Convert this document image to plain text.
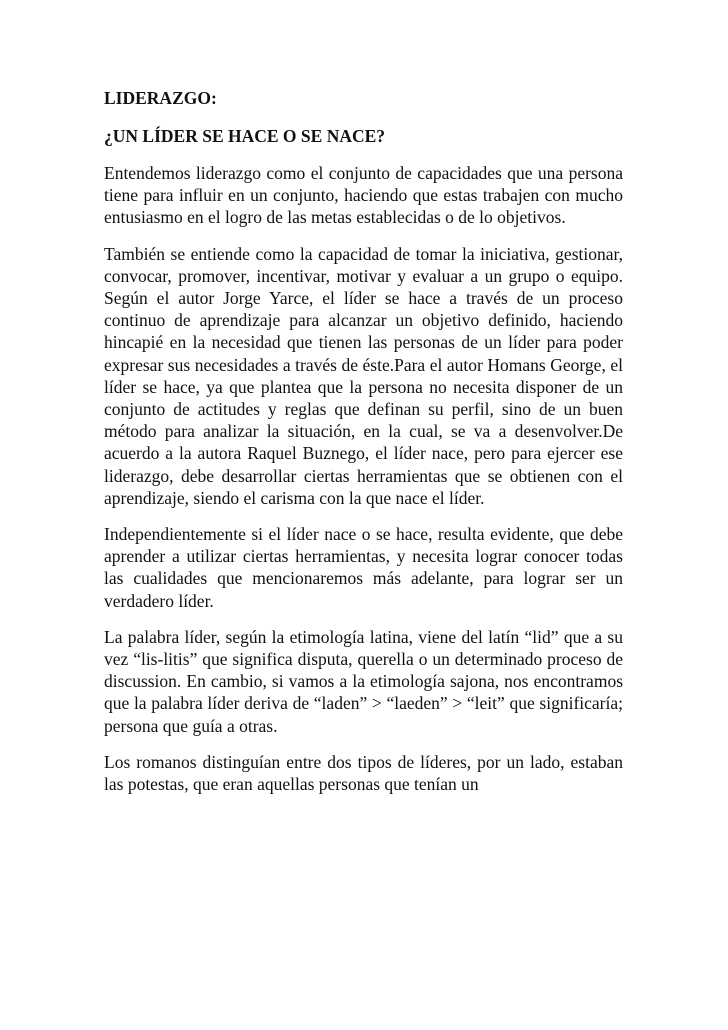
LIDERAZGO:
¿UN LÍDER SE HACE O SE NACE?

Entendemos liderazgo como el conjunto de capacidades que una persona tiene para influir en un conjunto, haciendo que estas trabajen con mucho entusiasmo en el logro de las metas establecidas o de lo objetivos.

También se entiende como la capacidad de tomar la iniciativa, gestionar, convocar, promover, incentivar, motivar y evaluar a un grupo o equipo. Según el autor Jorge Yarce, el líder se hace a través de un proceso continuo de aprendizaje para alcanzar un objetivo definido, haciendo hincapié en la necesidad que tienen las personas de un líder para poder expresar sus necesidades a través de éste.Para el autor Homans George, el líder se hace, ya que plantea que la persona no necesita disponer de un conjunto de actitudes y reglas que definan su perfil, sino de un buen método para analizar la situación, en la cual, se va a desenvolver.De acuerdo a la autora Raquel Buznego, el líder nace, pero para ejercer ese liderazgo, debe desarrollar ciertas herramientas que se obtienen con el aprendizaje, siendo el carisma con la que nace el líder.

Independientemente si el líder nace o se hace, resulta evidente, que debe aprender a utilizar ciertas herramientas, y necesita lograr conocer todas las cualidades que mencionaremos más adelante, para lograr ser un verdadero líder.

La palabra líder, según la etimología latina, viene del latín “lid” que a su vez “lis-litis” que significa disputa, querella o un determinado proceso de discussion. En cambio, si vamos a la etimología sajona, nos encontramos que la palabra líder deriva de “laden” > “laeden” > “leit” que significaría; persona que guía a otras.

Los romanos distinguían entre dos tipos de líderes, por un lado, estaban las potestas, que eran aquellas personas que tenían un
